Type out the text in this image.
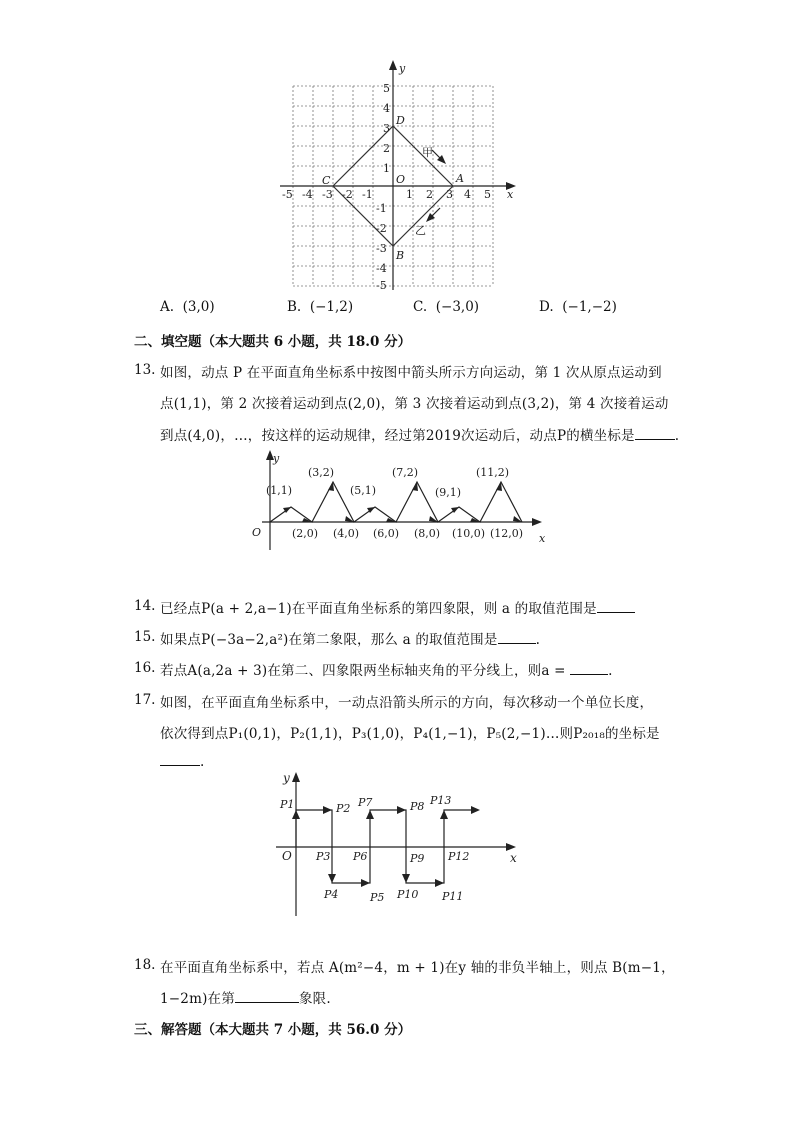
y
x
O	A
B
C
D
甲
乙
-5 -4 -3 -2 -1	1 2 3 4 5
5
4
3
2
1
-1
-2
-3
-4
-5
A. (3,0)	B. (−1,2)	C. (−3,0)	D. (−1,−2)
二、填空题（本大题共 6 小题，共 18.0 分）
13. 如图，动点 P 在平面直角坐标系中按图中箭头所示方向运动，第 1 次从原点运动到
点(1,1)，第 2 次接着运动到点(2,0)，第 3 次接着运动到点(3,2)，第 4 次接着运动
到点(4,0)，…，按这样的运动规律，经过第2019次运动后，动点P的横坐标是	.
y
x
O
(1,1)
(3,2)
(5,1)
(7,2)
(9,1)
(11,2)
(2,0) (4,0) (6,0) (8,0) (10,0) (12,0)
14. 已经点P(a + 2,a−1)在平面直角坐标系的第四象限，则 a 的取值范围是
15. 如果点P(−3a−2,a²)在第二象限，那么 a 的取值范围是	.
16. 若点A(a,2a + 3)在第二、四象限两坐标轴夹角的平分线上，则a =	.
17. 如图，在平面直角坐标系中，一动点沿箭头所示的方向，每次移动一个单位长度，
依次得到点P₁(0,1)，P₂(1,1)，P₃(1,0)，P₄(1,−1)，P₅(2,−1)…则P₂₀₁₈的坐标是
.
y
x
O
P1	P2 P7	P8 P13
P3 P6	P9 P12
P4	P5 P10 P11
18. 在平面直角坐标系中，若点 A(m²−4，m + 1)在y 轴的非负半轴上，则点 B(m−1，
1−2m)在第	象限.
三、解答题（本大题共 7 小题，共 56.0 分）
